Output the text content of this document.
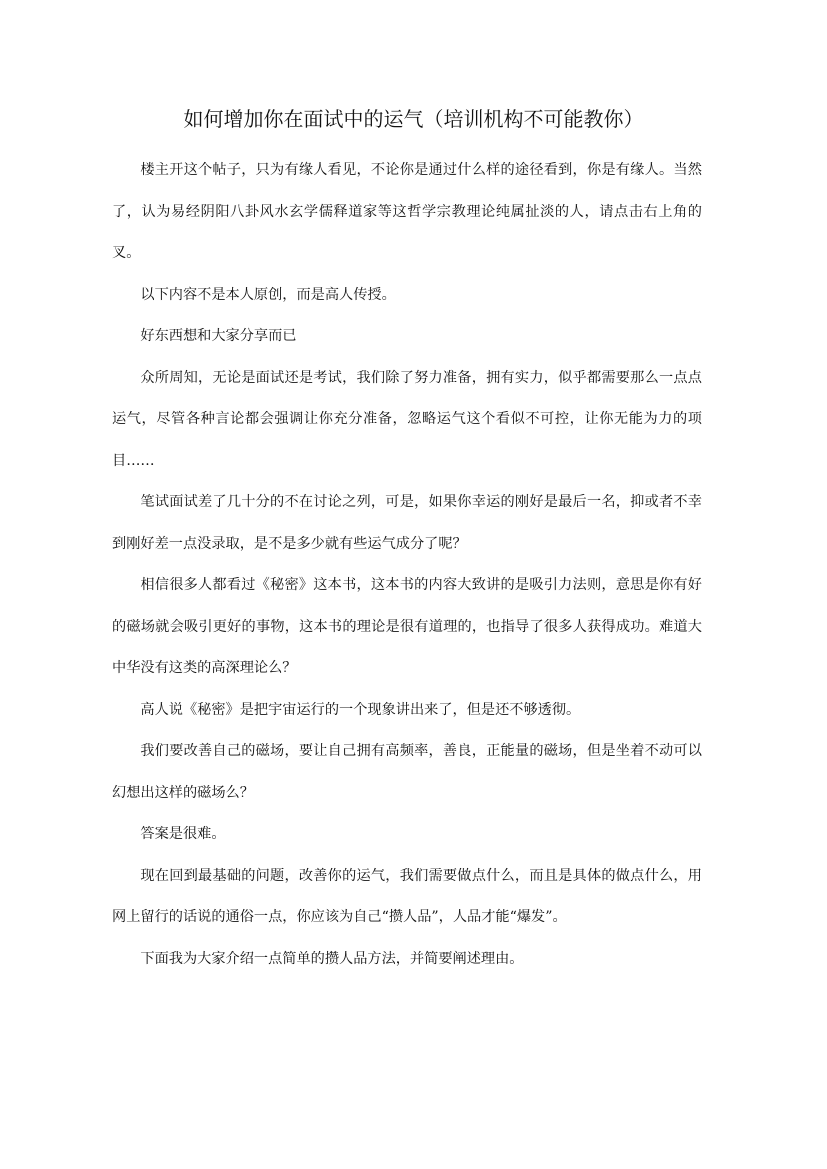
如何增加你在面试中的运气（培训机构不可能教你）

楼主开这个帖子，只为有缘人看见，不论你是通过什么样的途径看到，你是有缘人。当然了，认为易经阴阳八卦风水玄学儒释道家等这哲学宗教理论纯属扯淡的人，请点击右上角的叉。

以下内容不是本人原创，而是高人传授。

好东西想和大家分享而已

众所周知，无论是面试还是考试，我们除了努力准备，拥有实力，似乎都需要那么一点点运气，尽管各种言论都会强调让你充分准备，忽略运气这个看似不可控，让你无能为力的项目……

笔试面试差了几十分的不在讨论之列，可是，如果你幸运的刚好是最后一名，抑或者不幸到刚好差一点没录取，是不是多少就有些运气成分了呢？

相信很多人都看过《秘密》这本书，这本书的内容大致讲的是吸引力法则，意思是你有好的磁场就会吸引更好的事物，这本书的理论是很有道理的，也指导了很多人获得成功。难道大中华没有这类的高深理论么？

高人说《秘密》是把宇宙运行的一个现象讲出来了，但是还不够透彻。

我们要改善自己的磁场，要让自己拥有高频率，善良，正能量的磁场，但是坐着不动可以幻想出这样的磁场么？

答案是很难。

现在回到最基础的问题，改善你的运气，我们需要做点什么，而且是具体的做点什么，用网上留行的话说的通俗一点，你应该为自己“攒人品”，人品才能“爆发”。

下面我为大家介绍一点简单的攒人品方法，并简要阐述理由。
